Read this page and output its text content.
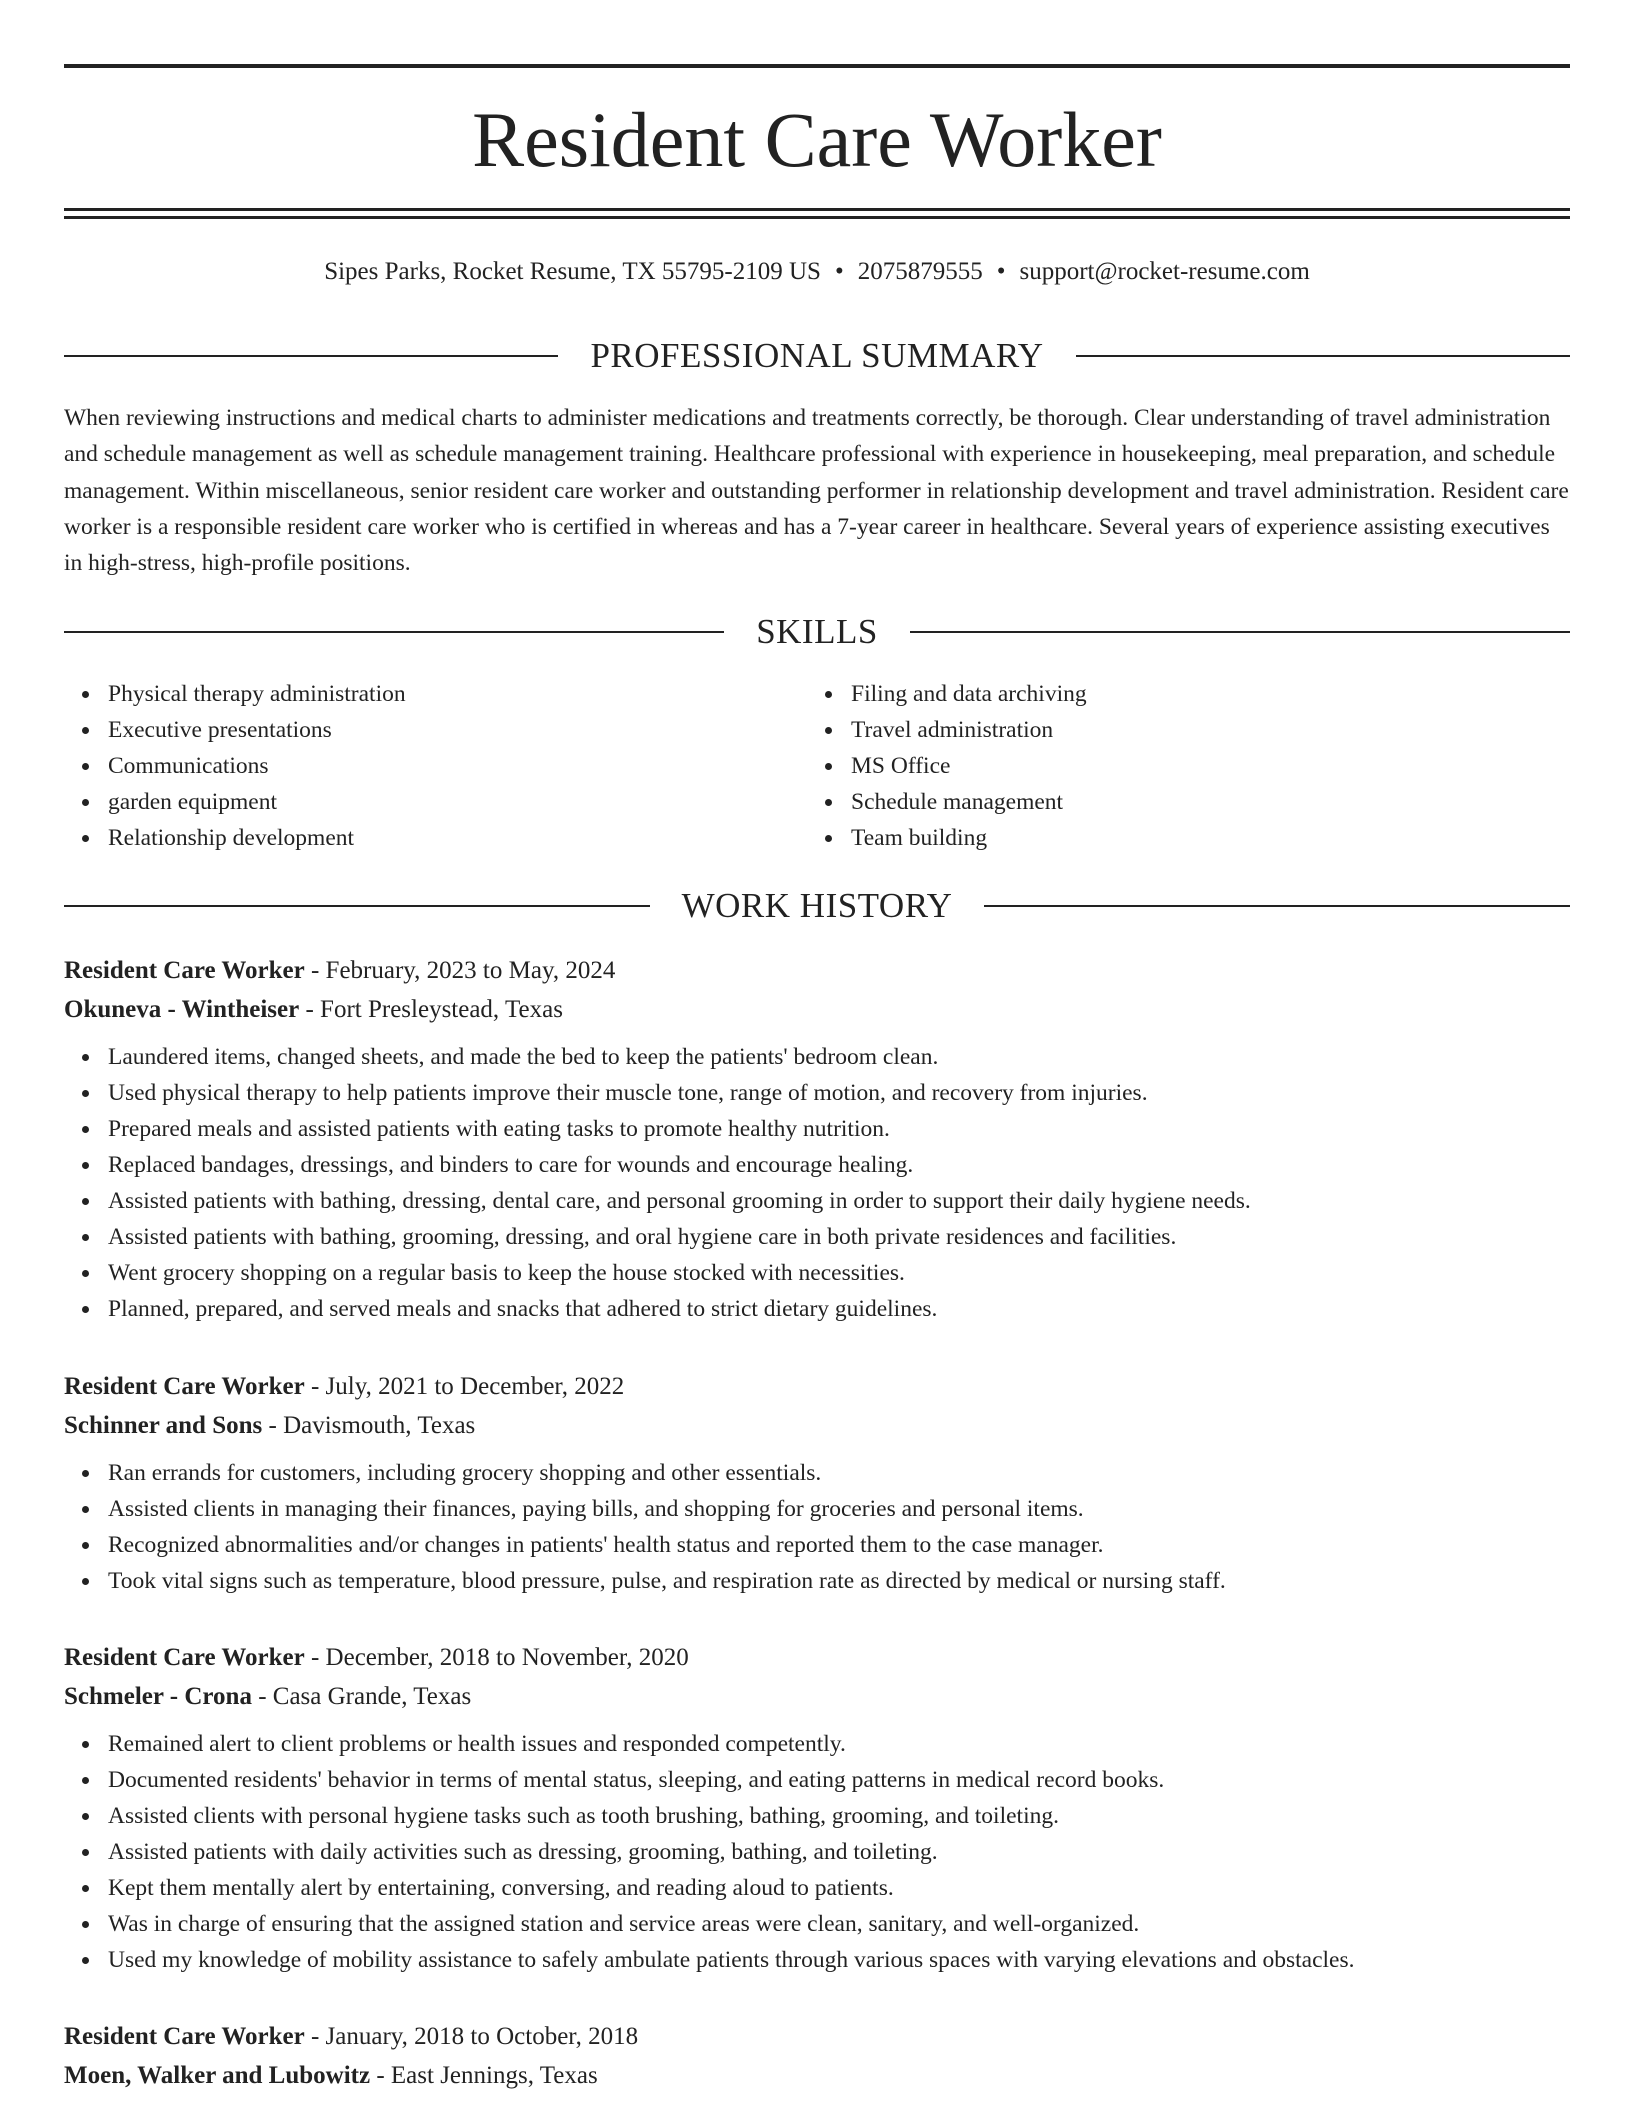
Resident Care Worker
Sipes Parks, Rocket Resume, TX 55795-2109 US • 2075879555 • support@rocket-resume.com
PROFESSIONAL SUMMARY

When reviewing instructions and medical charts to administer medications and treatments correctly, be thorough. Clear understanding of travel administration and schedule management as well as schedule management training. Healthcare professional with experience in housekeeping, meal preparation, and schedule management. Within miscellaneous, senior resident care worker and outstanding performer in relationship development and travel administration. Resident care worker is a responsible resident care worker who is certified in whereas and has a 7-year career in healthcare. Several years of experience assisting executives in high-stress, high-profile positions.

SKILLS
Physical therapy administration
Executive presentations
Communications
garden equipment
Relationship development
Filing and data archiving
Travel administration
MS Office
Schedule management
Team building
WORK HISTORY
Resident Care Worker - February, 2023 to May, 2024
Okuneva - Wintheiser - Fort Presleystead, Texas
Laundered items, changed sheets, and made the bed to keep the patients' bedroom clean.
Used physical therapy to help patients improve their muscle tone, range of motion, and recovery from injuries.
Prepared meals and assisted patients with eating tasks to promote healthy nutrition.
Replaced bandages, dressings, and binders to care for wounds and encourage healing.
Assisted patients with bathing, dressing, dental care, and personal grooming in order to support their daily hygiene needs.
Assisted patients with bathing, grooming, dressing, and oral hygiene care in both private residences and facilities.
Went grocery shopping on a regular basis to keep the house stocked with necessities.
Planned, prepared, and served meals and snacks that adhered to strict dietary guidelines.
Resident Care Worker - July, 2021 to December, 2022
Schinner and Sons - Davismouth, Texas
Ran errands for customers, including grocery shopping and other essentials.
Assisted clients in managing their finances, paying bills, and shopping for groceries and personal items.
Recognized abnormalities and/or changes in patients' health status and reported them to the case manager.
Took vital signs such as temperature, blood pressure, pulse, and respiration rate as directed by medical or nursing staff.
Resident Care Worker - December, 2018 to November, 2020
Schmeler - Crona - Casa Grande, Texas
Remained alert to client problems or health issues and responded competently.
Documented residents' behavior in terms of mental status, sleeping, and eating patterns in medical record books.
Assisted clients with personal hygiene tasks such as tooth brushing, bathing, grooming, and toileting.
Assisted patients with daily activities such as dressing, grooming, bathing, and toileting.
Kept them mentally alert by entertaining, conversing, and reading aloud to patients.
Was in charge of ensuring that the assigned station and service areas were clean, sanitary, and well-organized.
Used my knowledge of mobility assistance to safely ambulate patients through various spaces with varying elevations and obstacles.
Resident Care Worker - January, 2018 to October, 2018
Moen, Walker and Lubowitz - East Jennings, Texas
